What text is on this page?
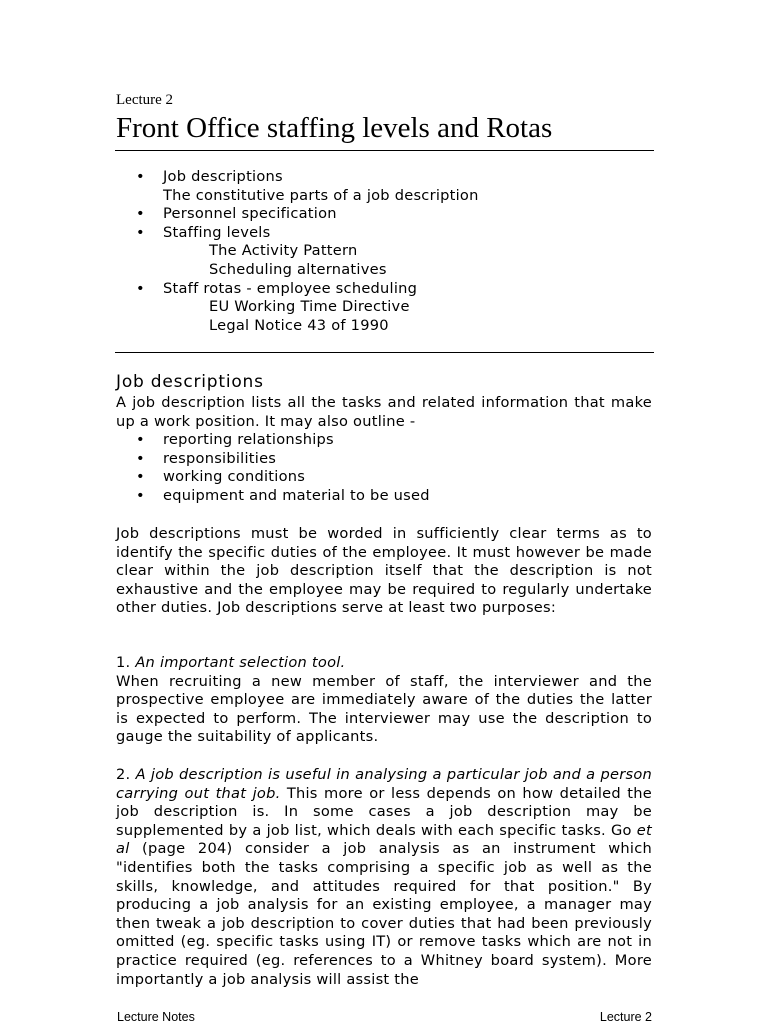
Lecture 2
Front Office staffing levels and Rotas
• Job descriptions
The constitutive parts of a job description
• Personnel specification
• Staffing levels
The Activity Pattern
Scheduling alternatives
• Staff rotas - employee scheduling
EU Working Time Directive
Legal Notice 43 of 1990
Job descriptions

A job description lists all the tasks and related information that make up a work position. It may also outline -

• reporting relationships
• responsibilities
• working conditions
• equipment and material to be used

Job descriptions must be worded in sufficiently clear terms as to identify the specific duties of the employee. It must however be made clear within the job description itself that the description is not exhaustive and the employee may be required to regularly undertake other duties. Job descriptions serve at least two purposes:

1. An important selection tool.
When recruiting a new member of staff, the interviewer and the prospective employee are immediately aware of the duties the latter is expected to perform. The interviewer may use the description to gauge the suitability of applicants.

2. A job description is useful in analysing a particular job and a person carrying out that job. This more or less depends on how detailed the job description is. In some cases a job description may be supplemented by a job list, which deals with each specific tasks. Go et al (page 204) consider a job analysis as an instrument which "identifies both the tasks comprising a specific job as well as the skills, knowledge, and attitudes required for that position." By producing a job analysis for an existing employee, a manager may then tweak a job description to cover duties that had been previously omitted (eg. specific tasks using IT) or remove tasks which are not in practice required (eg. references to a Whitney board system). More importantly a job analysis will assist the

Lecture Notes	Lecture 2
